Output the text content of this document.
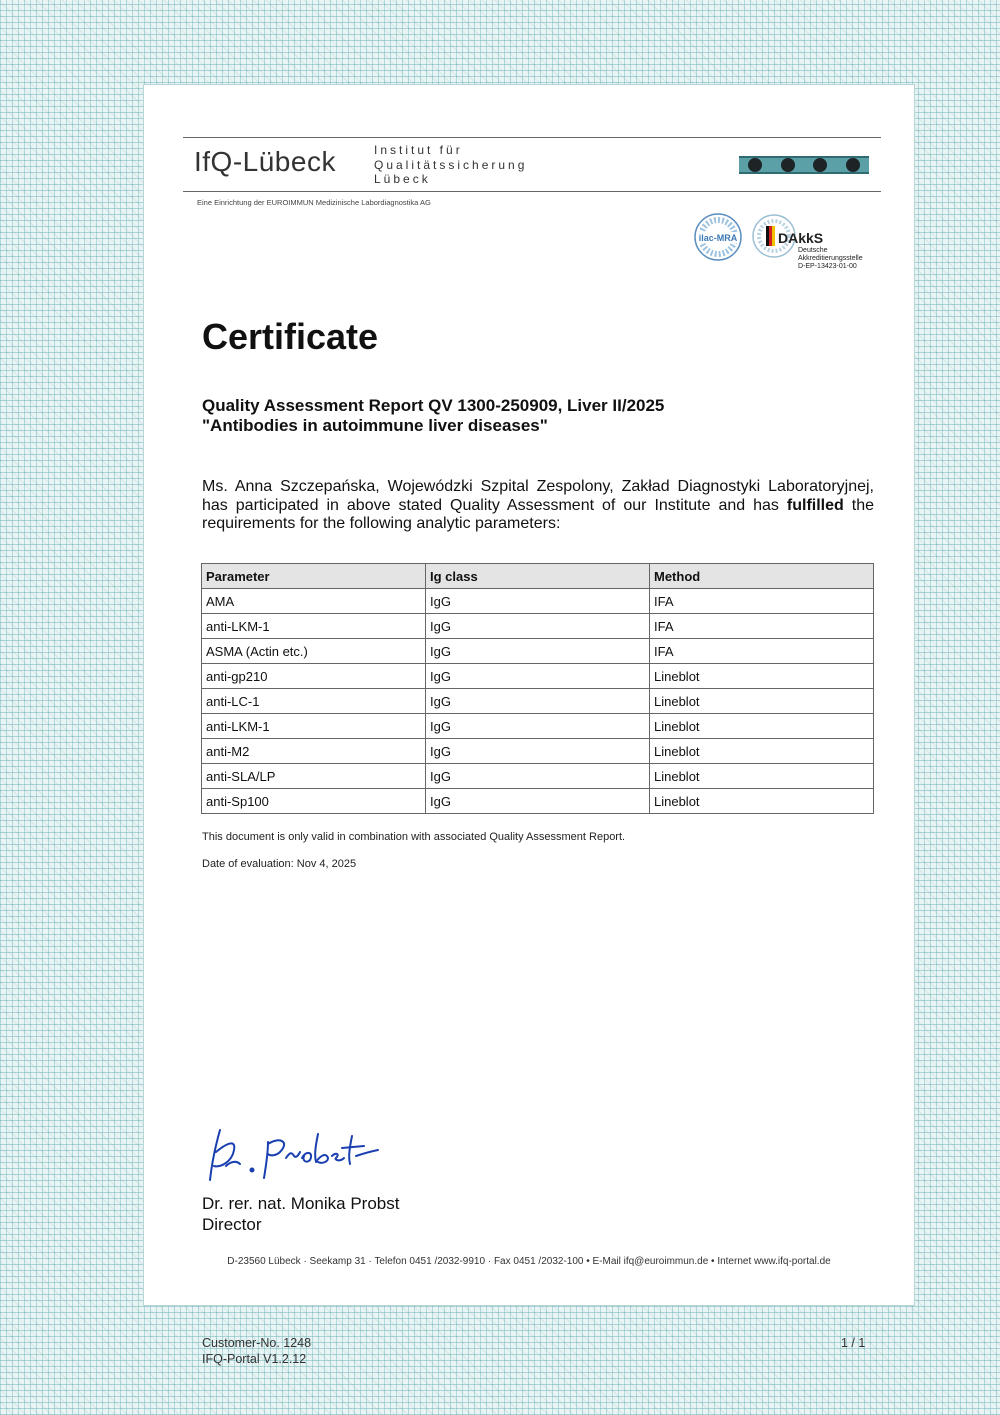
IfQ-Lübeck	Institut für
Qualitätssicherung
Lübeck
Eine Einrichtung der EUROIMMUN Medizinische Labordiagnostika AG
ilac-MRA	DAkkS
Deutsche
Akkreditierungsstelle
D-EP-13423-01-00
Certificate
Quality Assessment Report QV 1300-250909, Liver II/2025
"Antibodies in autoimmune liver diseases"
Ms. Anna Szczepańska, Wojewódzki Szpital Zespolony, Zakład Diagnostyki Laboratoryjnej, has participated in above stated Quality Assessment of our Institute and has fulfilled the requirements for the following analytic parameters:
Parameter	Ig class	Method
AMA	IgG	IFA
anti-LKM-1	IgG	IFA
ASMA (Actin etc.)	IgG	IFA
anti-gp210	IgG	Lineblot
anti-LC-1	IgG	Lineblot
anti-LKM-1	IgG	Lineblot
anti-M2	IgG	Lineblot
anti-SLA/LP	IgG	Lineblot
anti-Sp100	IgG	Lineblot
This document is only valid in combination with associated Quality Assessment Report.
Date of evaluation: Nov 4, 2025
Dr. rer. nat. Monika Probst
Director
D-23560 Lübeck · Seekamp 31 · Telefon 0451 /2032-9910 · Fax 0451 /2032-100 • E-Mail ifq@euroimmun.de • Internet www.ifq-portal.de
Customer-No. 1248
IFQ-Portal V1.2.12
1 / 1
